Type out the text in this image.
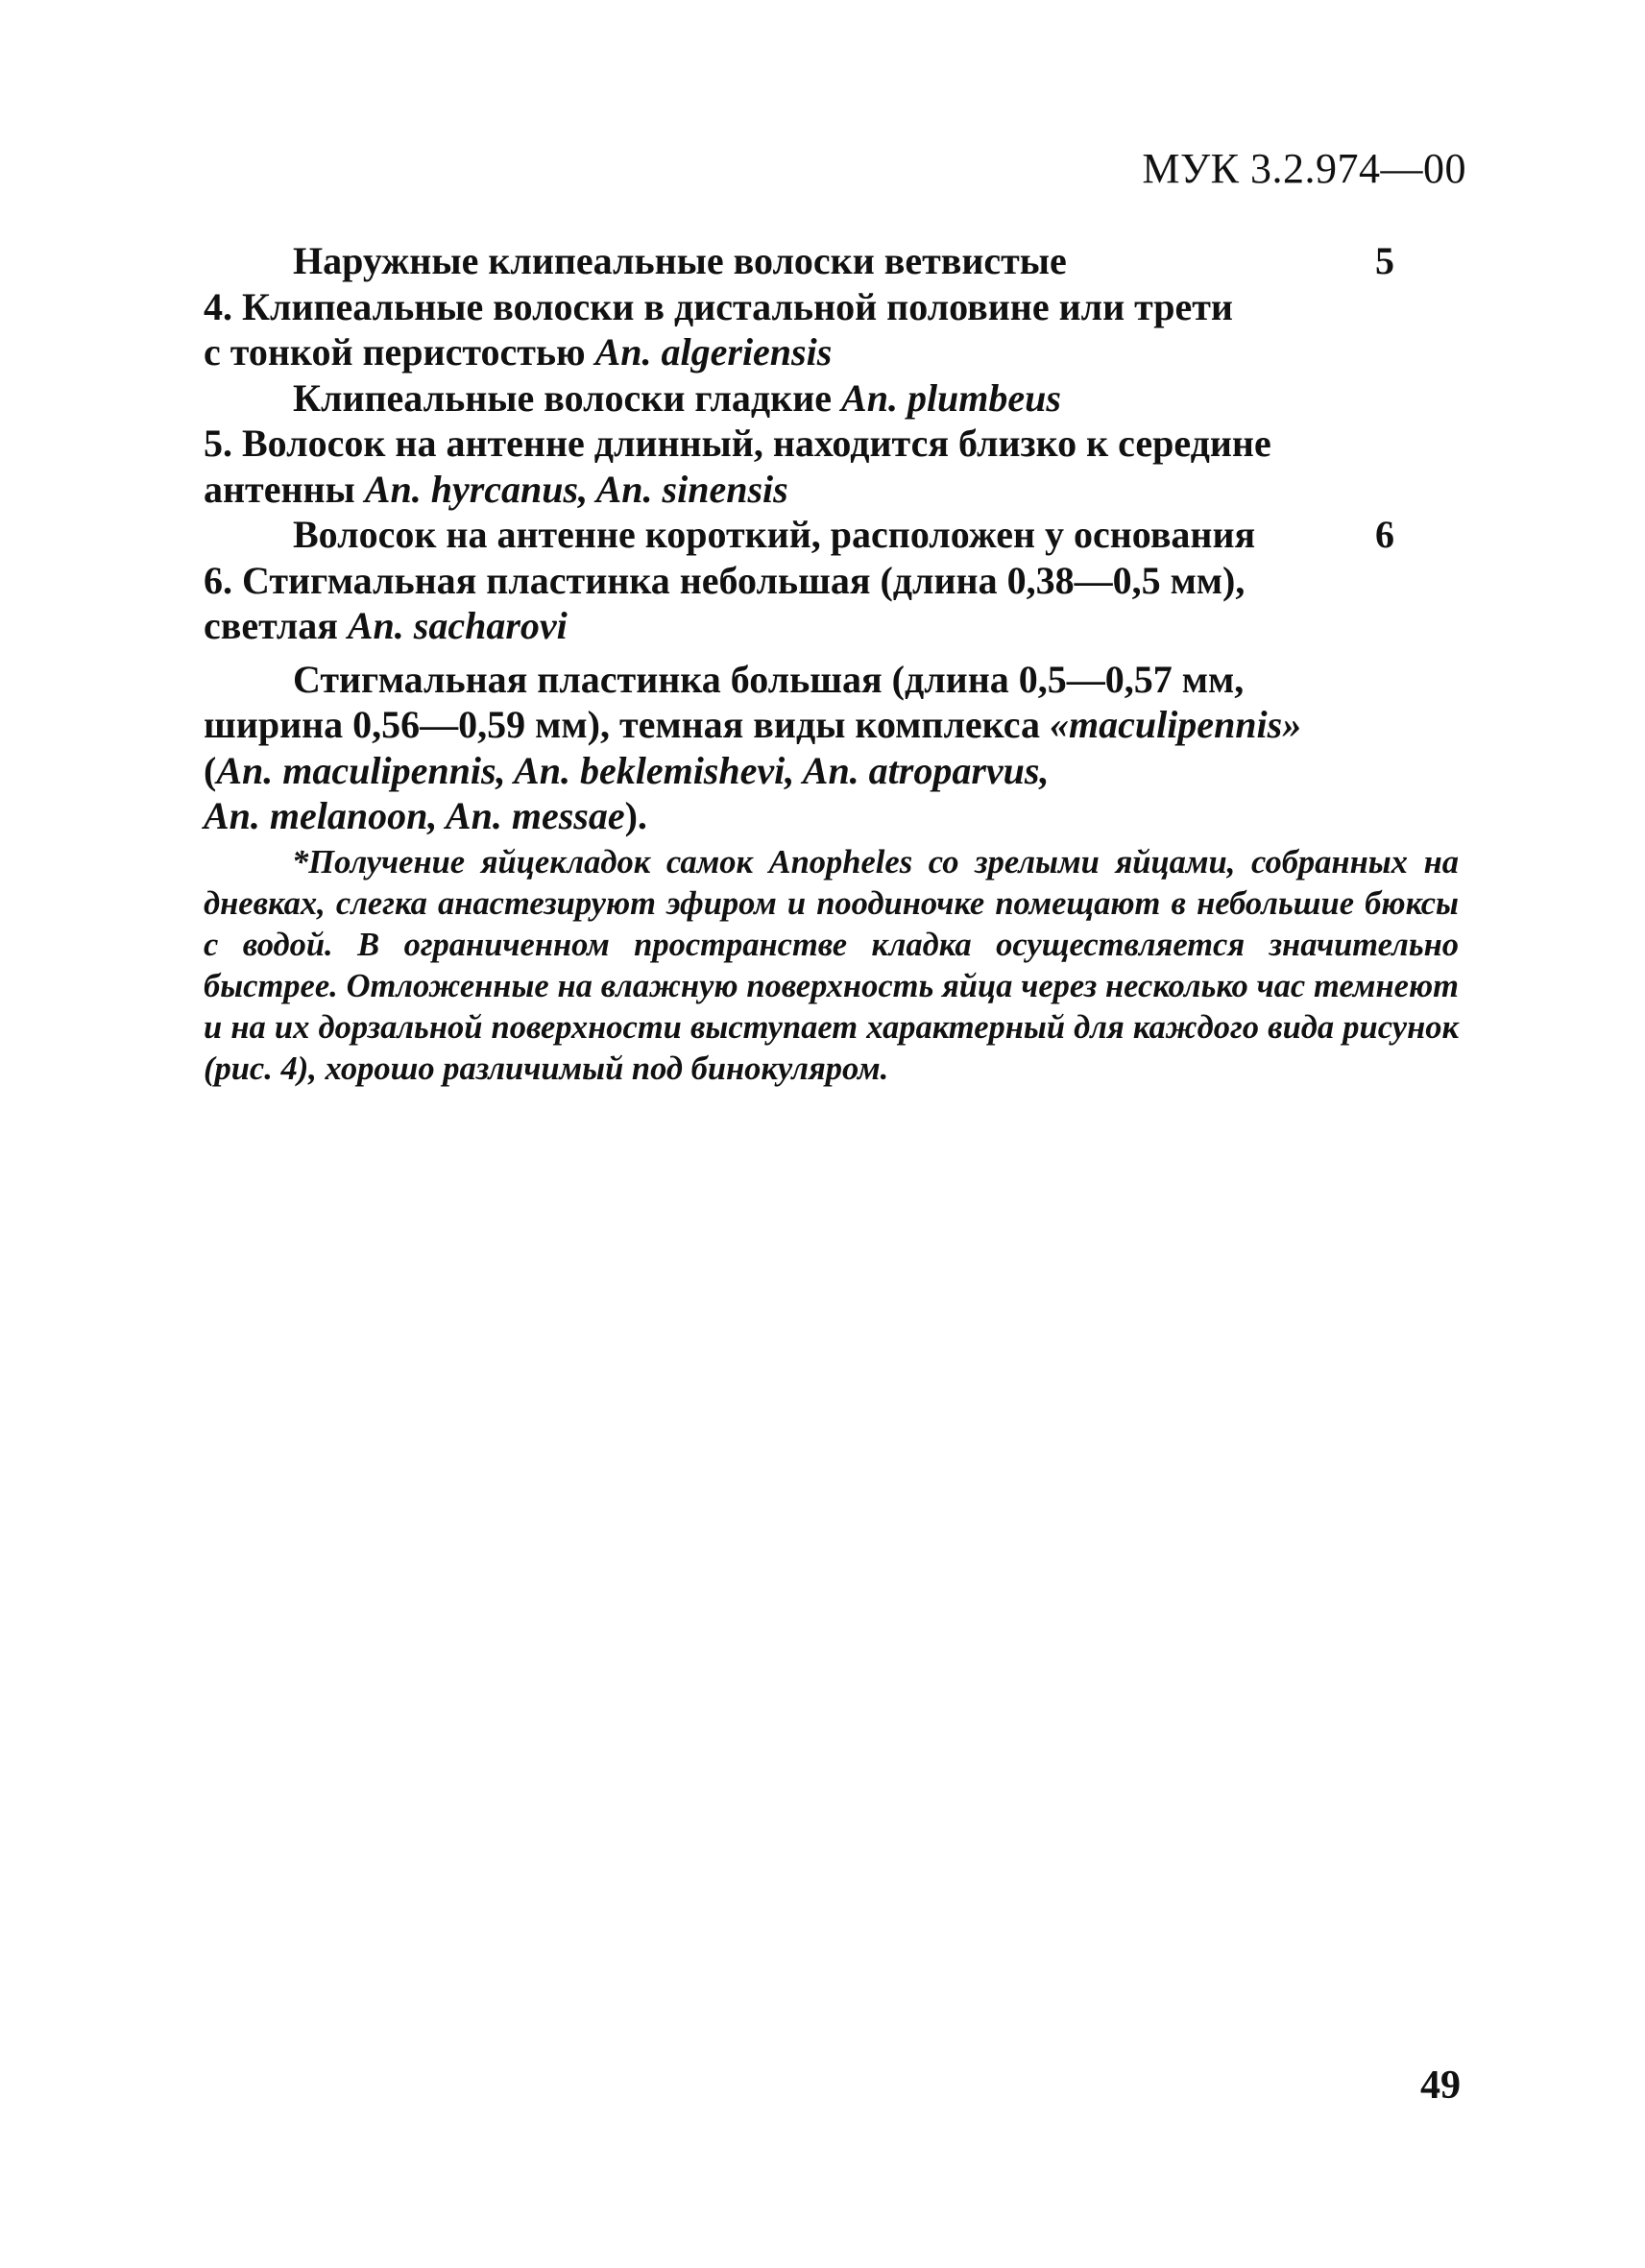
МУК 3.2.974—00
Наружные клипеальные волоски ветвистые	5
4. Клипеальные волоски в дистальной половине или трети
с тонкой перистостью An. algeriensis
Клипеальные волоски гладкие An. plumbeus
5. Волосок на антенне длинный, находится близко к середине
антенны An. hyrcanus, An. sinensis
Волосок на антенне короткий, расположен у основания	6
6. Стигмальная пластинка небольшая (длина 0,38—0,5 мм),
светлая An. sacharovi
Стигмальная пластинка большая (длина 0,5—0,57 мм,
ширина 0,56—0,59 мм), темная виды комплекса «maculipennis»
(An. maculipennis, An. beklemishevi, An. atroparvus,
An. melanoon, An. messae).
*Получение яйцекладок самок Anopheles со зрелыми яйцами, собранных на дневках, слегка анастезируют эфиром и поодиночке помещают в небольшие бюксы с водой. В ограниченном пространстве кладка осуществляется значительно быстрее. Отложенные на влажную поверхность яйца через несколько час темнеют и на их дорзальной поверхности выступает характерный для каждого вида рисунок (рис. 4), хорошо различимый под бинокуляром.
49
